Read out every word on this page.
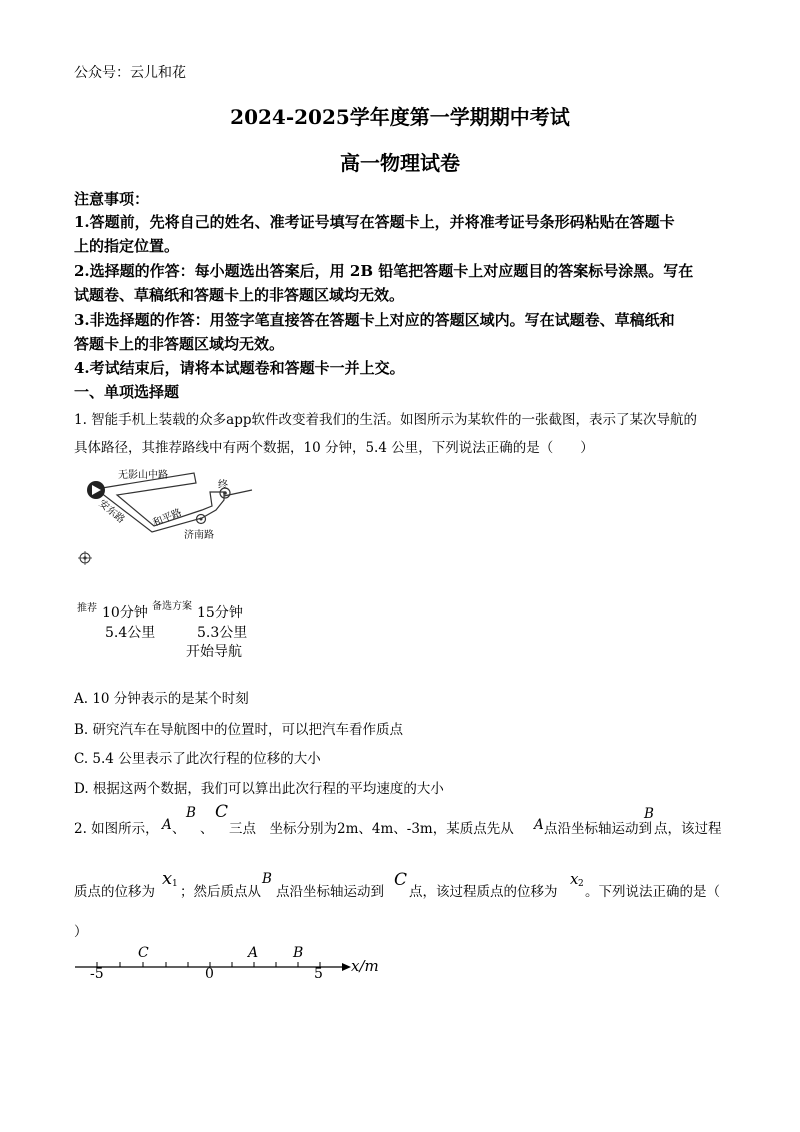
公众号：云儿和花
2024-2025学年度第一学期期中考试
高一物理试卷
注意事项：
1.答题前，先将自己的姓名、准考证号填写在答题卡上，并将准考证号条形码粘贴在答题卡
上的指定位置。
2.选择题的作答：每小题选出答案后，用 2B 铅笔把答题卡上对应题目的答案标号涂黑。写在
试题卷、草稿纸和答题卡上的非答题区域均无效。
3.非选择题的作答：用签字笔直接答在答题卡上对应的答题区域内。写在试题卷、草稿纸和
答题卡上的非答题区域均无效。
4.考试结束后，请将本试题卷和答题卡一并上交。
一、单项选择题
1. 智能手机上装载的众多app软件改变着我们的生活。如图所示为某软件的一张截图，表示了某次导航的
具体路径，其推荐路线中有两个数据，10 分钟，5.4 公里，下列说法正确的是（　　）
无影山中路
安东路	和平路
济南路
终
推荐 10分钟
5.4公里
备选方案 15分钟
5.3公里
开始导航
A. 10 分钟表示的是某个时刻
B. 研究汽车在导航图中的位置时，可以把汽车看作质点
C. 5.4 公里表示了此次行程的位移的大小
D. 根据这两个数据，我们可以算出此次行程的平均速度的大小
2. 如图所示， A 、
B
、
C
三点　坐标分别为2m、4m、-3m，某质点先从 A 点沿坐标轴运动到
B
点，该过程
质点的位移为
x 1 ；然后质点从
B
点沿坐标轴运动到
C
点，该过程质点的位移为
x 2 。下列说法正确的是（
）
C	A B
-5	0	5 x/m
